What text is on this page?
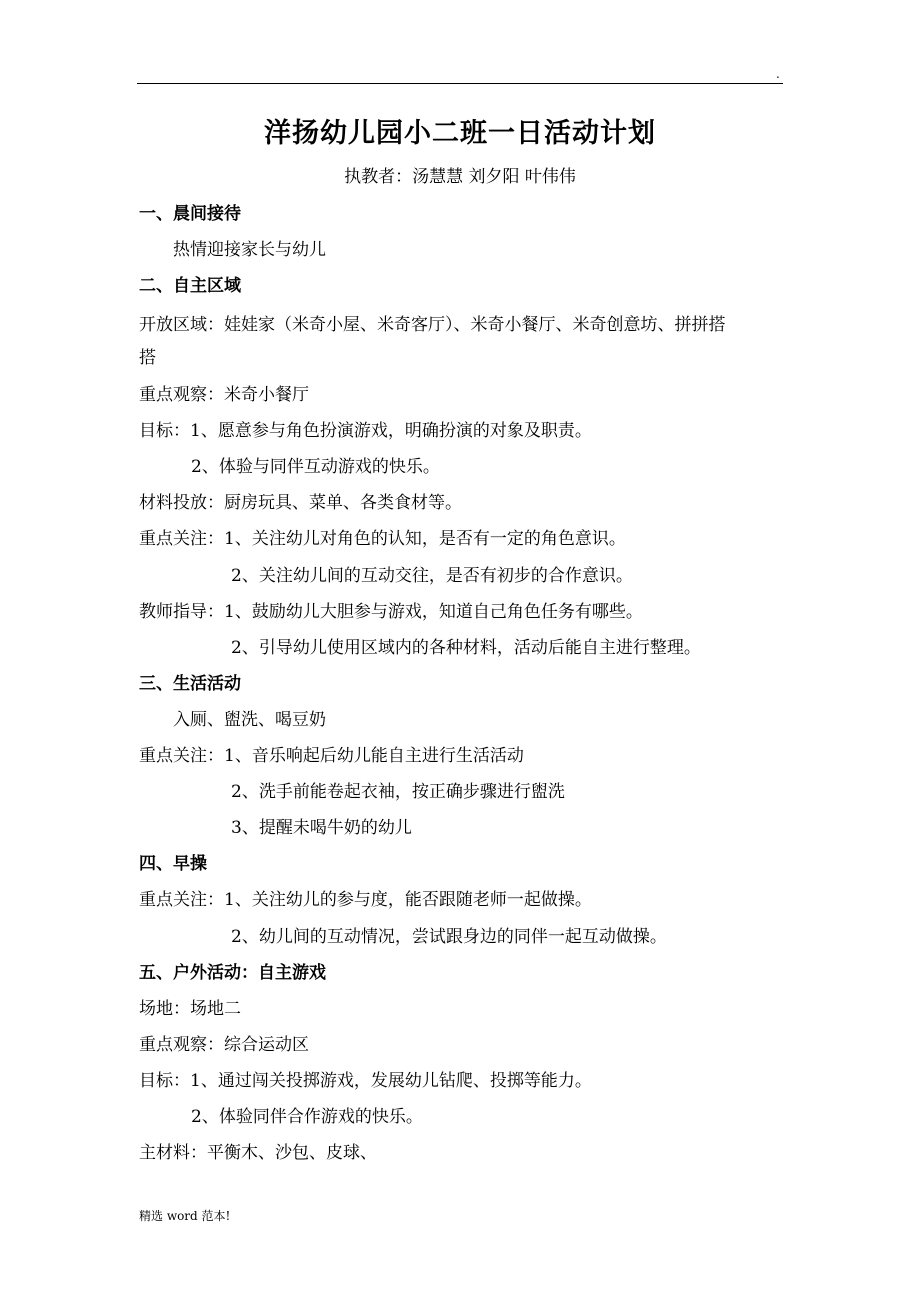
.
洋扬幼儿园小二班一日活动计划
执教者：汤慧慧 刘夕阳 叶伟伟
一、晨间接待
热情迎接家长与幼儿
二、自主区域
开放区域：娃娃家（米奇小屋、米奇客厅）、米奇小餐厅、米奇创意坊、拼拼搭
搭
重点观察：米奇小餐厅
目标：1、愿意参与角色扮演游戏，明确扮演的对象及职责。
2、体验与同伴互动游戏的快乐。
材料投放：厨房玩具、菜单、各类食材等。
重点关注：1、关注幼儿对角色的认知，是否有一定的角色意识。
2、关注幼儿间的互动交往，是否有初步的合作意识。
教师指导：1、鼓励幼儿大胆参与游戏，知道自己角色任务有哪些。
2、引导幼儿使用区域内的各种材料，活动后能自主进行整理。
三、生活活动
入厕、盥洗、喝豆奶
重点关注：1、音乐响起后幼儿能自主进行生活活动
2、洗手前能卷起衣袖，按正确步骤进行盥洗
3、提醒未喝牛奶的幼儿
四、早操
重点关注：1、关注幼儿的参与度，能否跟随老师一起做操。
2、幼儿间的互动情况，尝试跟身边的同伴一起互动做操。
五、户外活动：自主游戏
场地：场地二
重点观察：综合运动区
目标：1、通过闯关投掷游戏，发展幼儿钻爬、投掷等能力。
2、体验同伴合作游戏的快乐。
主材料：平衡木、沙包、皮球、
精选 word 范本!
